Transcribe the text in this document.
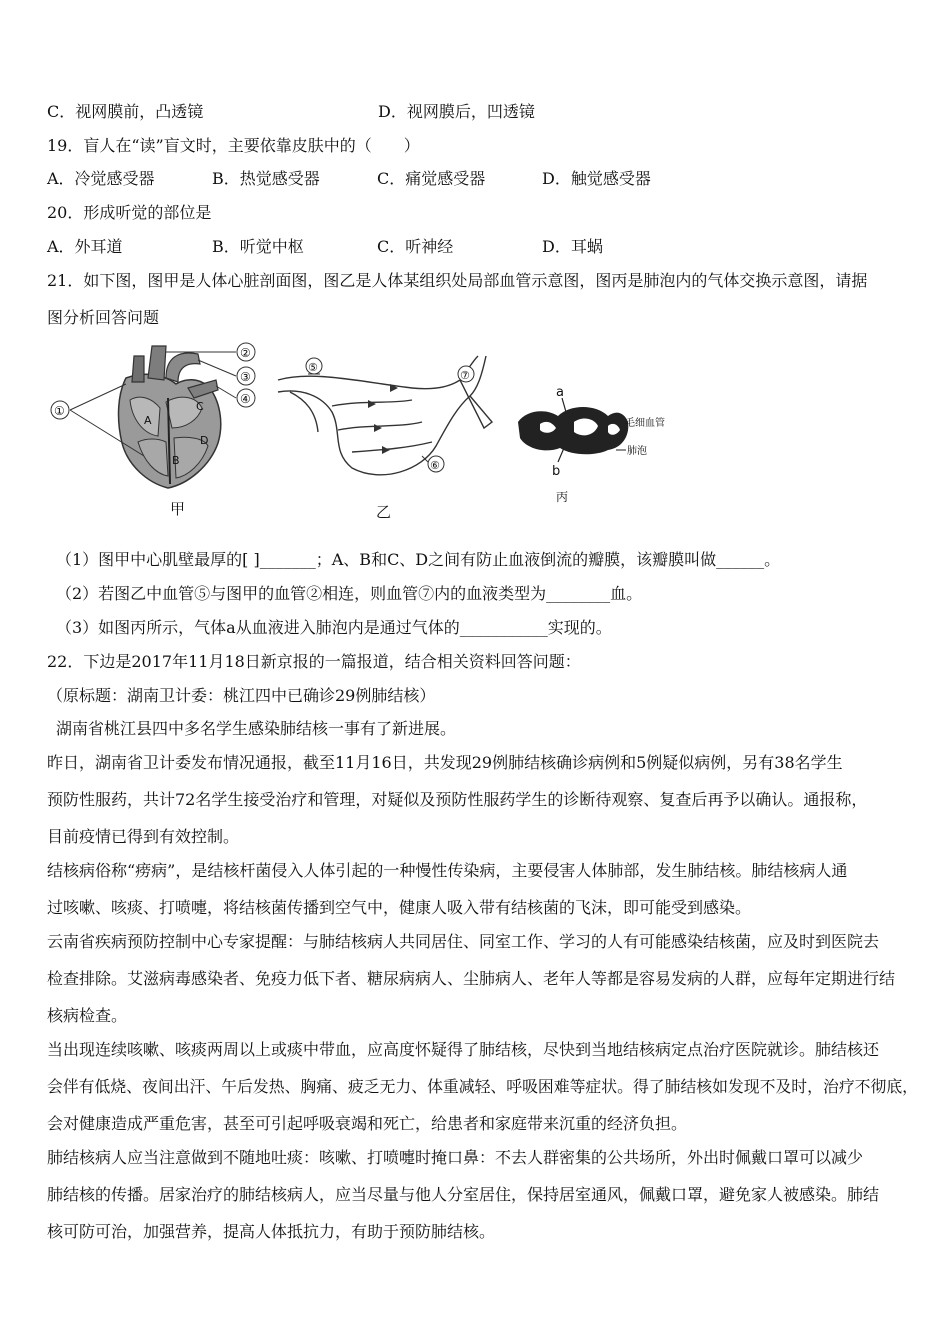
C．视网膜前，凸透镜	D．视网膜后，凹透镜
19．盲人在“读”盲文时，主要依靠皮肤中的（　　）
A．冷觉感受器	B．热觉感受器	C．痛觉感受器	D．触觉感受器
20．形成听觉的部位是
A．外耳道	B．听觉中枢	C．听神经	D．耳蜗
21．如下图，图甲是人体心脏剖面图，图乙是人体某组织处局部血管示意图，图丙是肺泡内的气体交换示意图，请据
图分析回答问题
A
B
C
D
①
②
③
④
甲
⑤
⑥
⑦
乙
a
b
毛细血管
肺泡
丙
（1）图甲中心肌壁最厚的[ ]_______；A、B和C、D之间有防止血液倒流的瓣膜，该瓣膜叫做______。
（2）若图乙中血管⑤与图甲的血管②相连，则血管⑦内的血液类型为________血。
（3）如图丙所示，气体a从血液进入肺泡内是通过气体的___________实现的。
22．下边是2017年11月18日新京报的一篇报道，结合相关资料回答问题：
（原标题：湖南卫计委：桃江四中已确诊29例肺结核）
湖南省桃江县四中多名学生感染肺结核一事有了新进展。
昨日，湖南省卫计委发布情况通报，截至11月16日，共发现29例肺结核确诊病例和5例疑似病例，另有38名学生
预防性服药，共计72名学生接受治疗和管理，对疑似及预防性服药学生的诊断待观察、复查后再予以确认。通报称，
目前疫情已得到有效控制。
结核病俗称“痨病”，是结核杆菌侵入人体引起的一种慢性传染病，主要侵害人体肺部，发生肺结核。肺结核病人通
过咳嗽、咳痰、打喷嚏，将结核菌传播到空气中，健康人吸入带有结核菌的飞沫，即可能受到感染。
云南省疾病预防控制中心专家提醒：与肺结核病人共同居住、同室工作、学习的人有可能感染结核菌，应及时到医院去
检查排除。艾滋病毒感染者、免疫力低下者、糖尿病病人、尘肺病人、老年人等都是容易发病的人群，应每年定期进行结
核病检查。
当出现连续咳嗽、咳痰两周以上或痰中带血，应高度怀疑得了肺结核，尽快到当地结核病定点治疗医院就诊。肺结核还
会伴有低烧、夜间出汗、午后发热、胸痛、疲乏无力、体重减轻、呼吸困难等症状。得了肺结核如发现不及时，治疗不彻底，
会对健康造成严重危害，甚至可引起呼吸衰竭和死亡，给患者和家庭带来沉重的经济负担。
肺结核病人应当注意做到不随地吐痰：咳嗽、打喷嚏时掩口鼻：不去人群密集的公共场所，外出时佩戴口罩可以减少
肺结核的传播。居家治疗的肺结核病人，应当尽量与他人分室居住，保持居室通风，佩戴口罩，避免家人被感染。肺结
核可防可治，加强营养，提高人体抵抗力，有助于预防肺结核。
